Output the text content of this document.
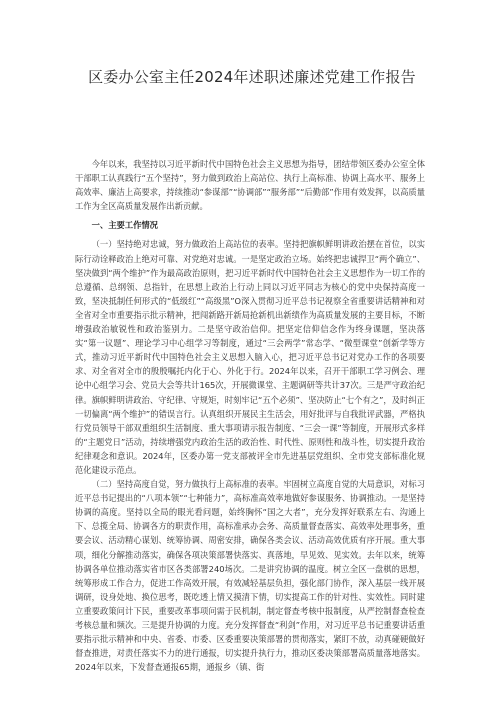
区委办公室主任2024年述职述廉述党建工作报告

今年以来，我坚持以习近平新时代中国特色社会主义思想为指导，团结带领区委办公室全体干部职工认真践行“五个坚持”，努力做到政治上高站位、执行上高标准、协调上高水平、服务上高效率、廉洁上高要求，持续推动“参谋部”“协调部”“服务部”“后勤部”作用有效发挥，以高质量工作为全区高质量发展作出新贡献。

一、主要工作情况

（一）坚持绝对忠诚，努力做政治上高站位的表率。坚持把旗帜鲜明讲政治摆在首位，以实际行动诠释政治上绝对可靠、对党绝对忠诚。一是坚定政治立场。始终把忠诚捍卫“两个确立”、坚决做到“两个维护”作为最高政治原则，把习近平新时代中国特色社会主义思想作为一切工作的总遵循、总纲领、总指针，在思想上政治上行动上同以习近平同志为核心的党中央保持高度一致，坚决抵制任何形式的“低级红”“高级黑”O深入贯彻习近平总书记视察全省重要讲话精神和对全省对全市重要指示批示精神，把闯新路开新局抢新机出新绩作为高质量发展的主要目标，不断增强政治敏锐性和政治鉴别力。二是坚守政治信仰。把坚定信仰信念作为终身课题，坚决落实“第一议题”、理论学习中心组学习等制度，通过“三会两学”常态学、“微型课堂”创新学等方式，推动习近平新时代中国特色社会主义思想入脑入心，把习近平总书记对党办工作的各项要求、对全省对全市的殷殷嘱托内化于心、外化于行。2024年以来，召开干部职工学习例会、理论中心组学习会、党员大会等共计165次，开展微课堂、主题调研等共计37次。三是严守政治纪律。旗帜鲜明讲政治、守纪律、守规矩，时刻牢记“五个必须”、坚决防止“七个有之”，及时纠正一切偏离“两个维护”的错误言行。认真组织开展民主生活会，用好批评与自我批评武器，严格执行党员领导干部双重组织生活制度、重大事项请示报告制度、“三会一课”等制度，开展形式多样的“主题党日”活动，持续增强党内政治生活的政治性、时代性、原则性和战斗性，切实提升政治纪律观念和意识。2024年，区委办第一党支部被评全市先进基层党组织、全市党支部标准化规范化建设示范点。

（二）坚持高度自觉，努力做执行上高标准的表率。牢固树立高度自觉的大局意识，对标习近平总书记提出的“八项本领”“七种能力”，高标准高效率地做好参谋服务、协调推动。一是坚持协调的高度。坚持以全局的眼光看问题，始终胸怀“国之大者”，充分发挥好联系左右、沟通上下、总揽全局、协调各方的职责作用，高标准承办会务、高质量督查落实、高效率处理事务，重要会议、活动精心谋划、统筹协调、周密安排，确保各类会议、活动高效优质有序开展。重大事项，细化分解推动落实，确保各项决策部署快落实、真落地，早见效、见实效。去年以来，统筹协调各单位推动落实省市区各类部署240场次。二是讲究协调的温度。树立全区一盘棋的思想，统筹形成工作合力，促进工作高效开展，有效减轻基层负担，强化部门协作，深入基层一线开展调研，设身处地、换位思考，既吃透上情又摸清下情，切实提高工作的针对性、实效性。同时建立重要政策问计下民，重要改革事项问需于民机制，制定督查考核中报制度，从严控制督查检查考核总量和频次。三是提升协调的力度。充分发挥督查“利剑”作用，对习近平总书记重要讲话重要指示批示精神和中央、省委、市委、区委重要决策部署的贯彻落实，紧盯不放，动真碰硬做好督查推进，对责任落实不力的进行通报，切实提升执行力，推动区委决策部署高质量落地落实。2024年以来，下发督查通报65期，通报乡（镇、街
